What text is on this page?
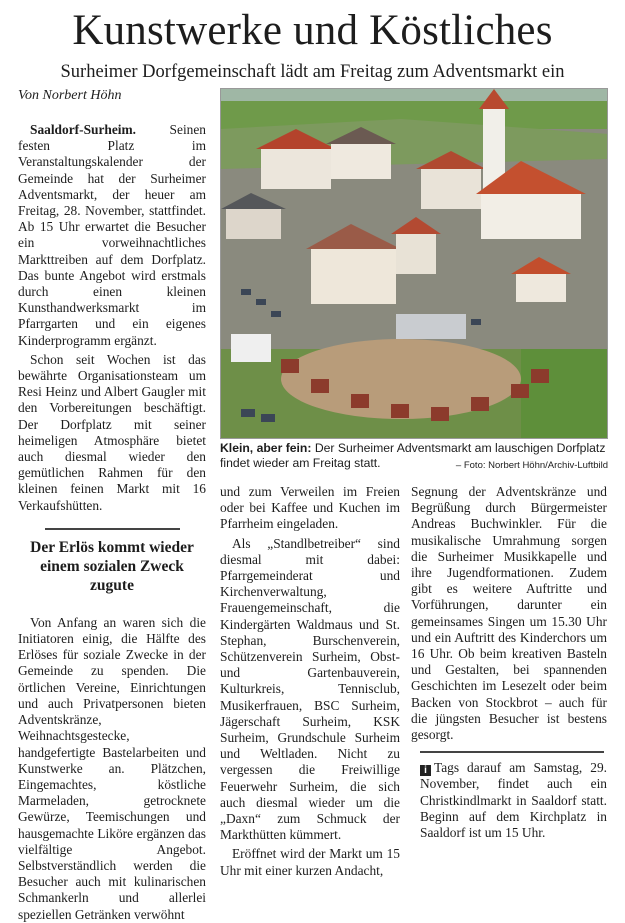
Kunstwerke und Köstliches
Surheimer Dorfgemeinschaft lädt am Freitag zum Adventsmarkt ein
Von Norbert Höhn

Saaldorf-Surheim.	Seinen festen Platz im Veranstaltungskalender der Gemeinde hat der Surheimer Adventsmarkt, der heuer am Freitag, 28. November, stattfindet. Ab 15 Uhr erwartet die Besucher ein vorweihnachtliches Markttreiben auf dem Dorfplatz. Das bunte Angebot wird erstmals durch einen kleinen Kunsthandwerksmarkt im Pfarrgarten und ein eigenes Kinderprogramm ergänzt.

Schon seit Wochen ist das bewährte Organisationsteam um Resi Heinz und Albert Gaugler mit den Vorbereitungen beschäftigt. Der Dorfplatz mit seiner heimeligen Atmosphäre bietet auch diesmal wieder den gemütlichen Rahmen für den kleinen feinen Markt mit 16 Verkaufshütten.

Der Erlös kommt wieder einem sozialen Zweck zugute

Von Anfang an waren sich die Initiatoren einig, die Hälfte des Erlöses für soziale Zwecke in der Gemeinde zu spenden. Die örtlichen Vereine, Einrichtungen und auch Privatpersonen bieten Adventskränze, Weihnachtsgestecke, handgefertigte Bastelarbeiten und Kunstwerke an. Plätzchen, Eingemachtes, köstliche Marmeladen, getrocknete Gewürze, Teemischungen und hausgemachte Liköre ergänzen das vielfältige Angebot. Selbstverständlich werden die Besucher auch mit kulinarischen Schmankerln und allerlei speziellen Getränken verwöhnt

und zum Verweilen im Freien oder bei Kaffee und Kuchen im Pfarrheim eingeladen.

Als „Standlbetreiber“ sind diesmal mit dabei: Pfarrgemeinderat und Kirchenverwaltung, Frauengemeinschaft, die Kindergärten Waldmaus und St. Stephan, Burschenverein, Schützenverein Surheim, Obst- und Gartenbauverein, Kulturkreis, Tennisclub, Musikerfrauen, BSC Surheim, Jägerschaft Surheim, KSK Surheim, Grundschule Surheim und Weltladen. Nicht zu vergessen die Freiwillige Feuerwehr Surheim, die sich auch diesmal wieder um die „Daxn“ zum Schmuck der Markthütten kümmert.

Eröffnet wird der Markt um 15 Uhr mit einer kurzen Andacht,

Segnung der Adventskränze und Begrüßung durch Bürgermeister Andreas Buchwinkler. Für die musikalische Umrahmung sorgen die Surheimer Musikkapelle und ihre Jugendformationen. Zudem gibt es weitere Auftritte und Vorführungen, darunter ein gemeinsames Singen um 15.30 Uhr und ein Auftritt des Kinderchors um 16 Uhr. Ob beim kreativen Basteln und Gestalten, bei spannenden Geschichten im Lesezelt oder beim Backen von Stockbrot – auch für die jüngsten Besucher ist bestens gesorgt.

i Tags darauf am Samstag, 29. November, findet auch ein Christkindlmarkt in Saaldorf statt. Beginn auf dem Kirchplatz in Saaldorf ist um 15 Uhr.

Klein, aber fein: Der Surheimer Adventsmarkt am lauschigen Dorfplatz findet wieder am Freitag statt.	– Foto: Norbert Höhn/Archiv-Luftbild
